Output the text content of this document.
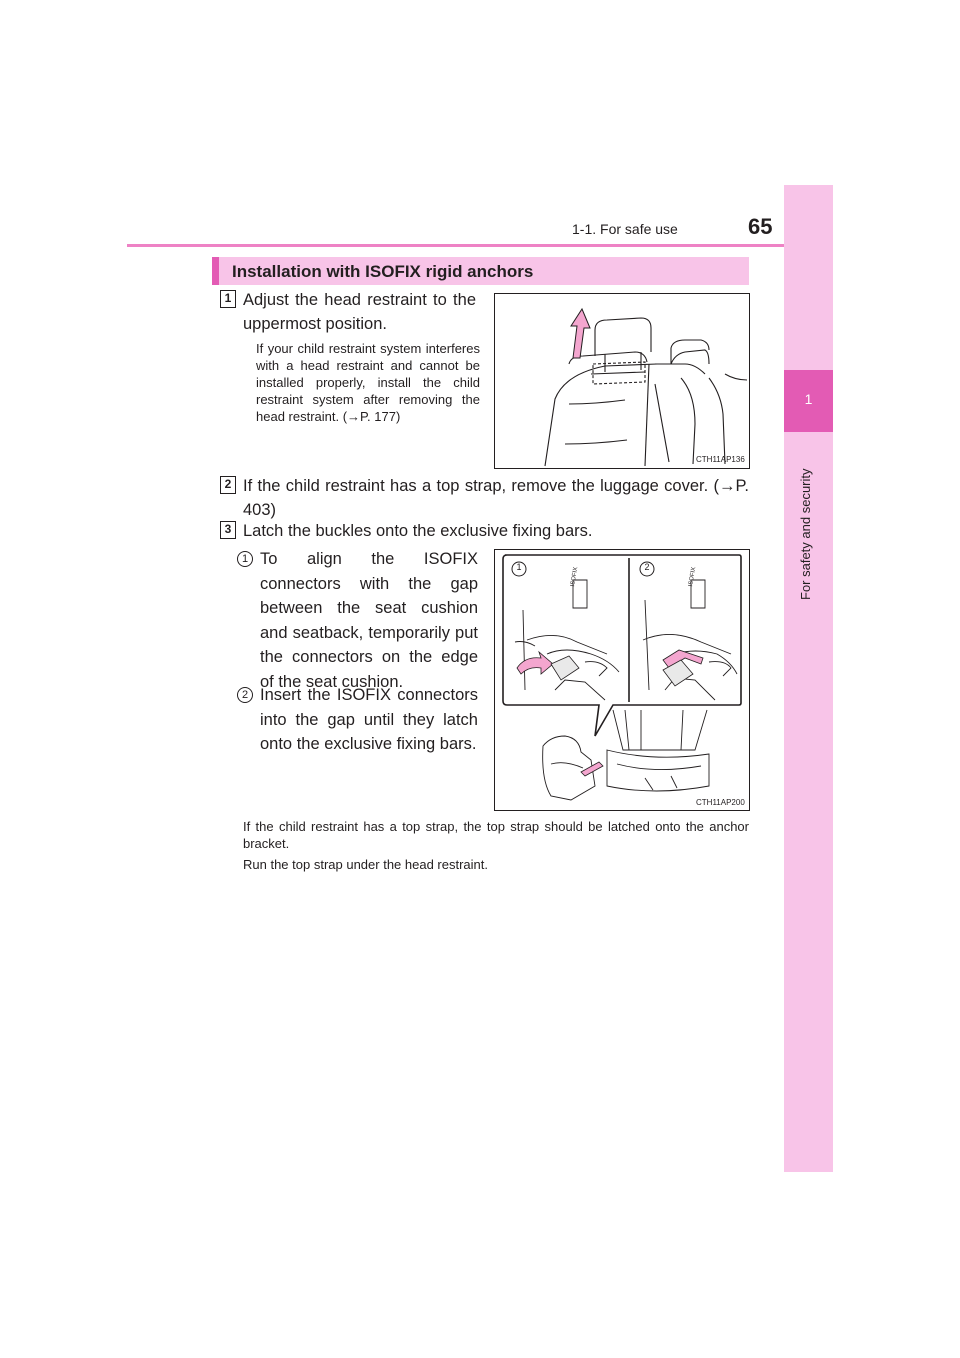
1-1. For safe use	65
1
For safety and security
Installation with ISOFIX rigid anchors
1 Adjust the head restraint to the uppermost position.
If your child restraint system interferes with a head restraint and cannot be installed properly, install the child restraint system after removing the head restraint. (→P. 177)
CTH11AP136
2 If the child restraint has a top strap, remove the luggage cover. (→P. 403)
3 Latch the buckles onto the exclusive fixing bars.
1 To align the ISOFIX connectors with the gap between the seat cushion and seatback, temporarily put the connectors on the edge of the seat cushion.
2 Insert the ISOFIX connectors into the gap until they latch onto the exclusive fixing bars.
1	2
ISOFIX	ISOFIX
CTH11AP200
If the child restraint has a top strap, the top strap should be latched onto the anchor bracket.
Run the top strap under the head restraint.
